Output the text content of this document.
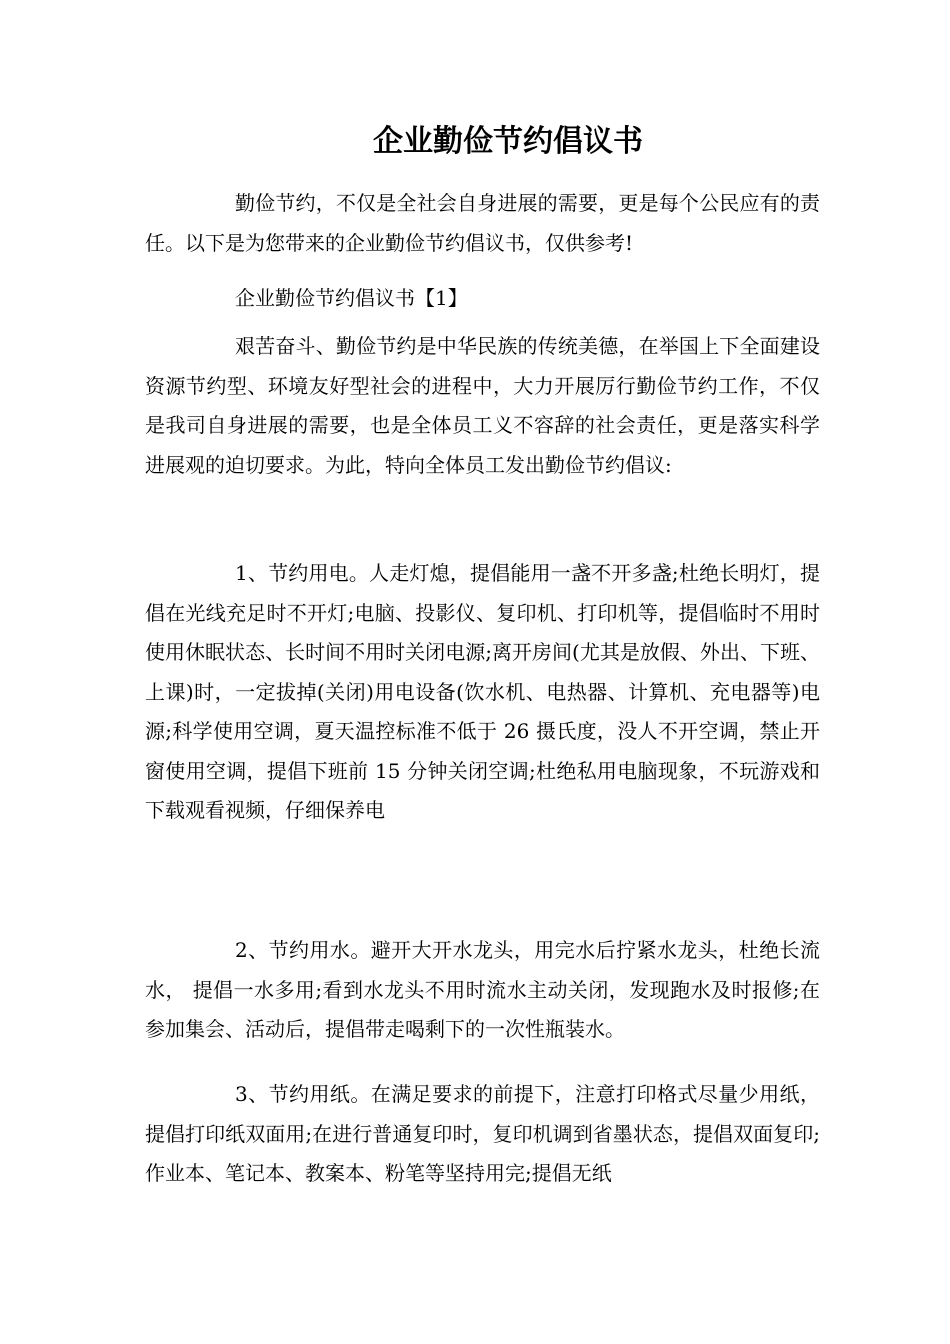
企业勤俭节约倡议书

勤俭节约，不仅是全社会自身进展的需要，更是每个公民应有的责任。以下是为您带来的企业勤俭节约倡议书，仅供参考!

企业勤俭节约倡议书【1】

艰苦奋斗、勤俭节约是中华民族的传统美德，在举国上下全面建设资源节约型、环境友好型社会的进程中，大力开展厉行勤俭节约工作，不仅是我司自身进展的需要，也是全体员工义不容辞的社会责任，更是落实科学进展观的迫切要求。为此，特向全体员工发出勤俭节约倡议:

1、节约用电。人走灯熄，提倡能用一盏不开多盏;杜绝长明灯，提倡在光线充足时不开灯;电脑、投影仪、复印机、打印机等，提倡临时不用时使用休眠状态、长时间不用时关闭电源;离开房间(尤其是放假、外出、下班、上课)时，一定拔掉(关闭)用电设备(饮水机、电热器、计算机、充电器等)电源;科学使用空调，夏天温控标准不低于 26 摄氏度，没人不开空调，禁止开窗使用空调，提倡下班前 15 分钟关闭空调;杜绝私用电脑现象，不玩游戏和下载观看视频，仔细保养电

2、节约用水。避开大开水龙头，用完水后拧紧水龙头，杜绝长流水， 提倡一水多用;看到水龙头不用时流水主动关闭，发现跑水及时报修;在参加集会、活动后，提倡带走喝剩下的一次性瓶装水。

3、节约用纸。在满足要求的前提下，注意打印格式尽量少用纸，提倡打印纸双面用;在进行普通复印时，复印机调到省墨状态，提倡双面复印;作业本、笔记本、教案本、粉笔等坚持用完;提倡无纸
